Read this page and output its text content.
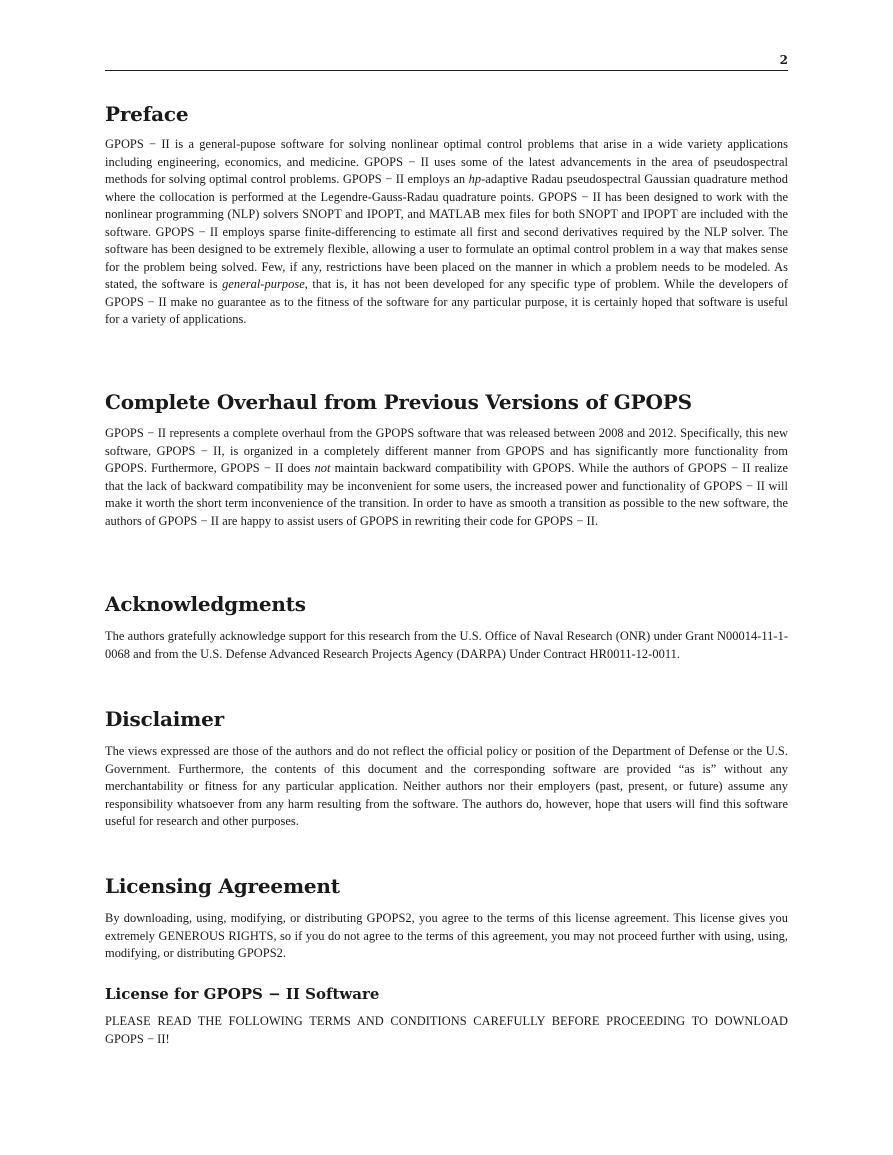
2
Preface

GPOPS − II is a general-pupose software for solving nonlinear optimal control problems that arise in a wide variety applications including engineering, economics, and medicine. GPOPS − II uses some of the latest advancements in the area of pseudospectral methods for solving optimal control problems. GPOPS − II employs an hp-adaptive Radau pseudospectral Gaussian quadrature method where the collocation is performed at the Legendre-Gauss-Radau quadrature points. GPOPS − II has been designed to work with the nonlinear programming (NLP) solvers SNOPT and IPOPT, and MATLAB mex files for both SNOPT and IPOPT are included with the software. GPOPS − II employs sparse finite-differencing to estimate all first and second derivatives required by the NLP solver. The software has been designed to be extremely flexible, allowing a user to formulate an optimal control problem in a way that makes sense for the problem being solved. Few, if any, restrictions have been placed on the manner in which a problem needs to be modeled. As stated, the software is general-purpose, that is, it has not been developed for any specific type of problem. While the developers of GPOPS − II make no guarantee as to the fitness of the software for any particular purpose, it is certainly hoped that software is useful for a variety of applications.

Complete Overhaul from Previous Versions of GPOPS

GPOPS − II represents a complete overhaul from the GPOPS software that was released between 2008 and 2012. Specifically, this new software, GPOPS − II, is organized in a completely different manner from GPOPS and has significantly more functionality from GPOPS. Furthermore, GPOPS − II does not maintain backward compatibility with GPOPS. While the authors of GPOPS − II realize that the lack of backward compatibility may be inconvenient for some users, the increased power and functionality of GPOPS − II will make it worth the short term inconvenience of the transition. In order to have as smooth a transition as possible to the new software, the authors of GPOPS − II are happy to assist users of GPOPS in rewriting their code for GPOPS − II.

Acknowledgments

The authors gratefully acknowledge support for this research from the U.S. Office of Naval Research (ONR) under Grant N00014-11-1-0068 and from the U.S. Defense Advanced Research Projects Agency (DARPA) Under Contract HR0011-12-0011.

Disclaimer

The views expressed are those of the authors and do not reflect the official policy or position of the Department of Defense or the U.S. Government. Furthermore, the contents of this document and the corresponding software are provided “as is” without any merchantability or fitness for any particular application. Neither authors nor their employers (past, present, or future) assume any responsibility whatsoever from any harm resulting from the software. The authors do, however, hope that users will find this software useful for research and other purposes.

Licensing Agreement

By downloading, using, modifying, or distributing GPOPS2, you agree to the terms of this license agreement. This license gives you extremely GENEROUS RIGHTS, so if you do not agree to the terms of this agreement, you may not proceed further with using, using, modifying, or distributing GPOPS2.

License for GPOPS − II Software

PLEASE READ THE FOLLOWING TERMS AND CONDITIONS CAREFULLY BEFORE PROCEEDING TO DOWNLOAD GPOPS − II!
